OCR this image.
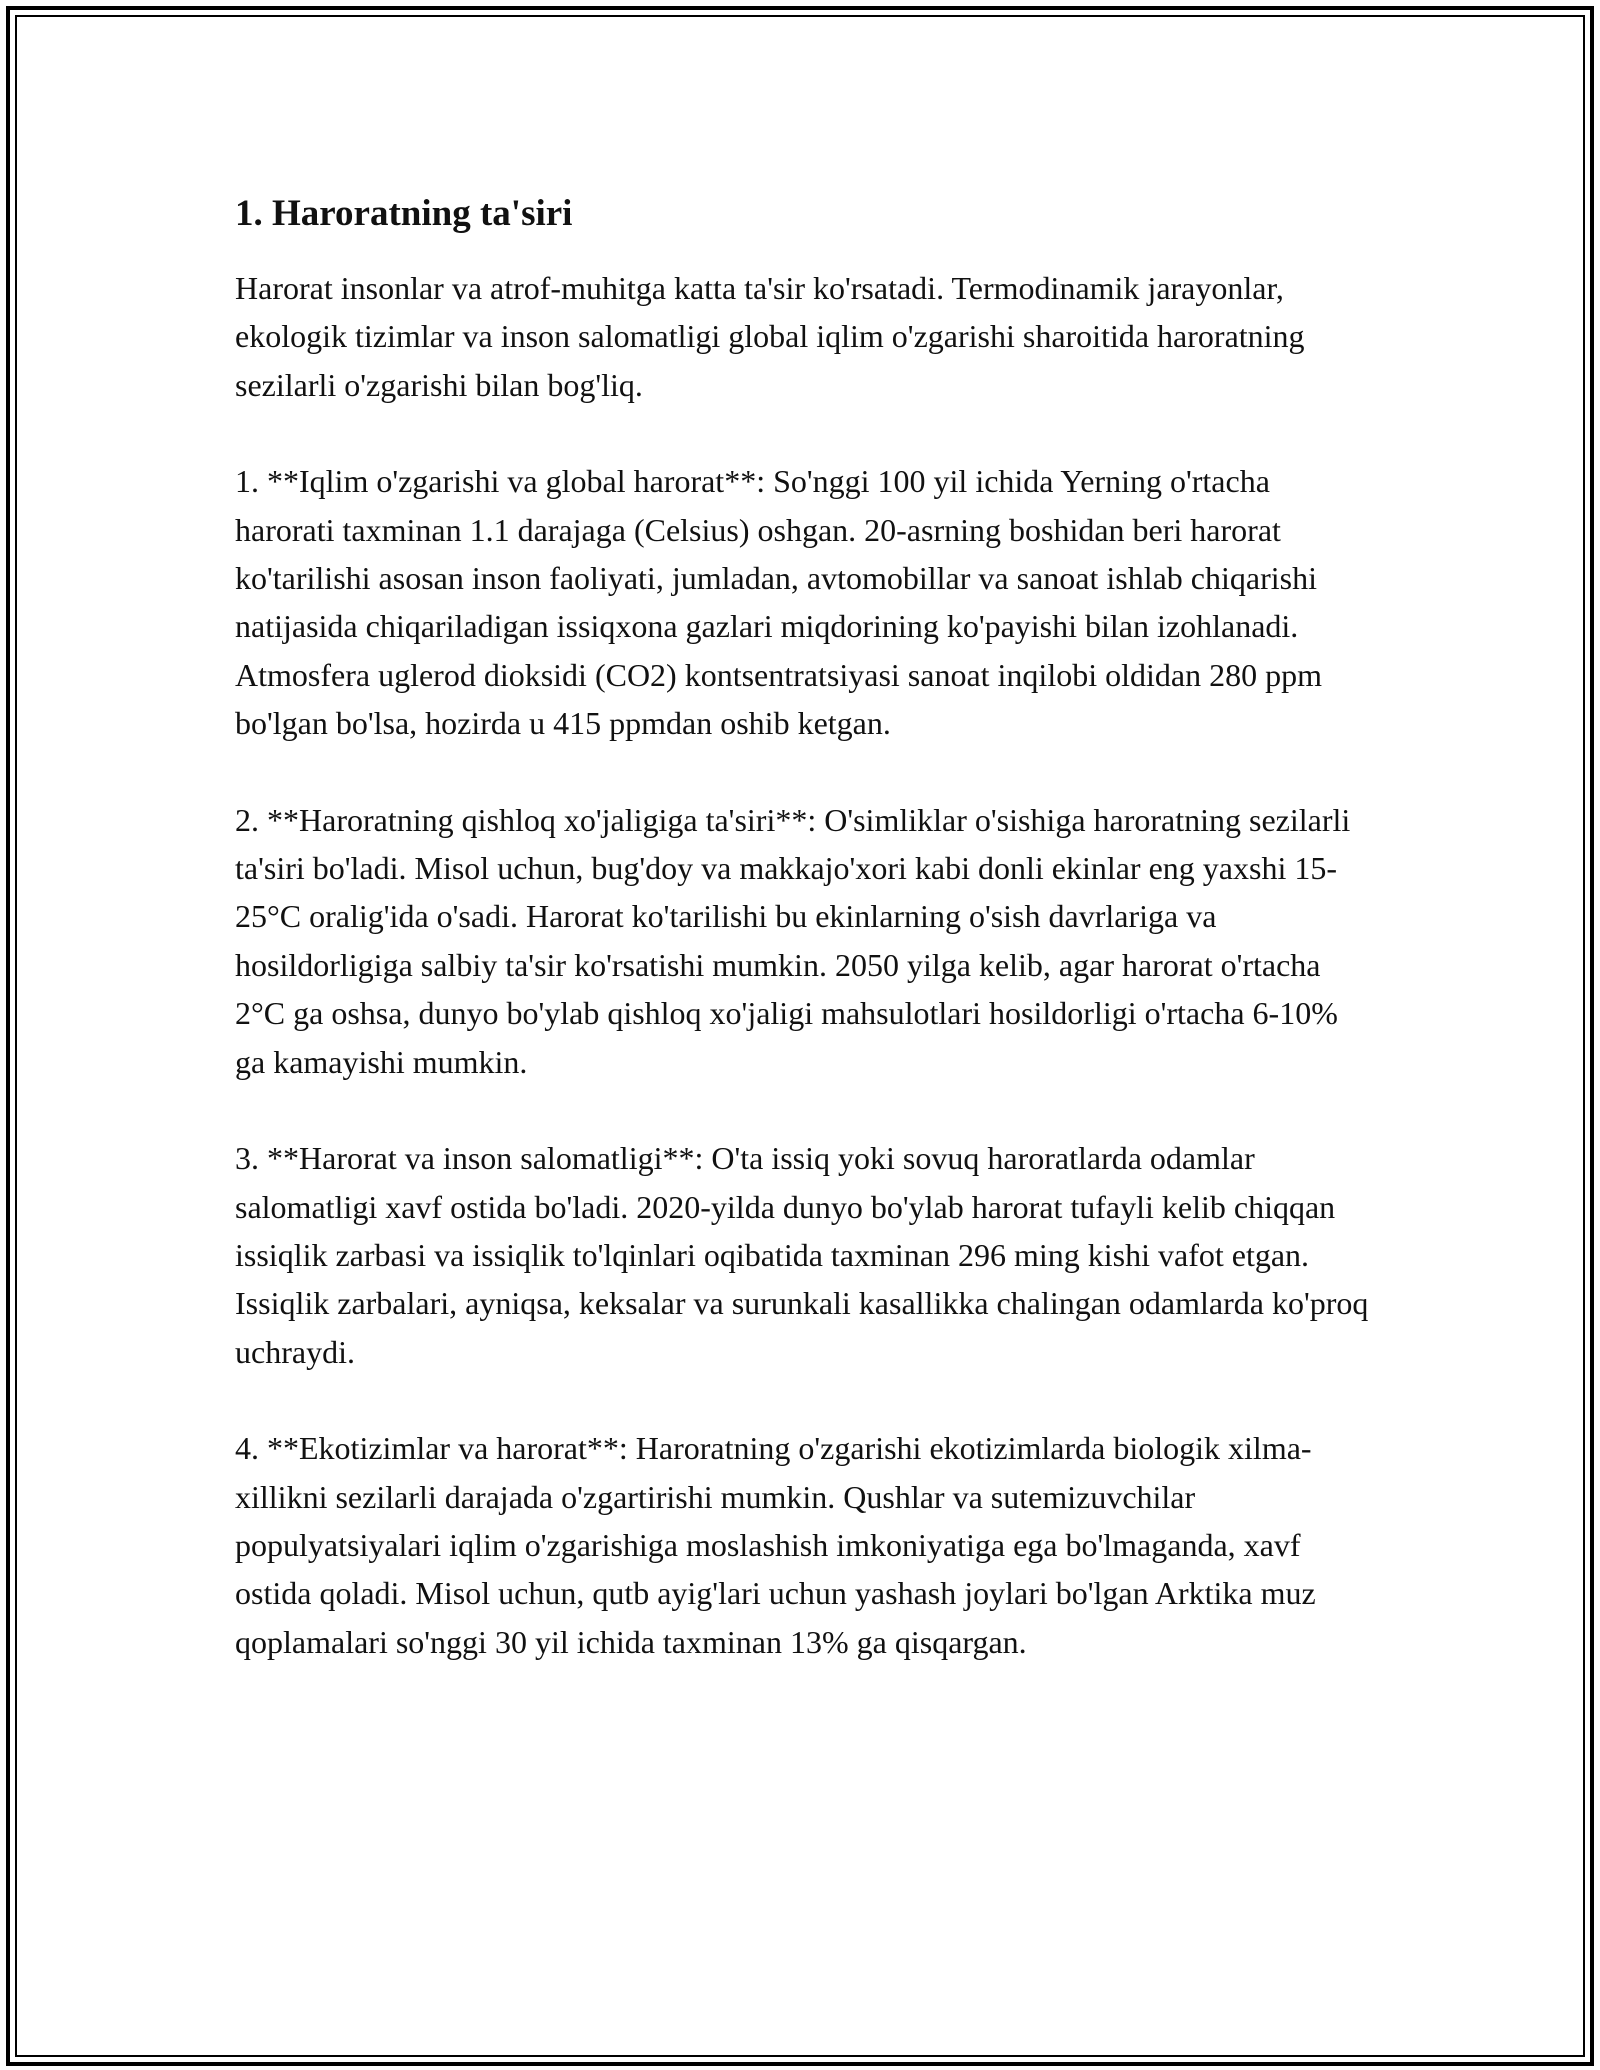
1. Haroratning ta'siri

Harorat insonlar va atrof-muhitga katta ta'sir ko'rsatadi. Termodinamik jarayonlar, ekologik tizimlar va inson salomatligi global iqlim o'zgarishi sharoitida haroratning sezilarli o'zgarishi bilan bog'liq.

1. **Iqlim o'zgarishi va global harorat**: So'nggi 100 yil ichida Yerning o'rtacha harorati taxminan 1.1 darajaga (Celsius) oshgan. 20-asrning boshidan beri harorat ko'tarilishi asosan inson faoliyati, jumladan, avtomobillar va sanoat ishlab chiqarishi natijasida chiqariladigan issiqxona gazlari miqdorining ko'payishi bilan izohlanadi. Atmosfera uglerod dioksidi (CO2) kontsentratsiyasi sanoat inqilobi oldidan 280 ppm bo'lgan bo'lsa, hozirda u 415 ppmdan oshib ketgan.

2. **Haroratning qishloq xo'jaligiga ta'siri**: O'simliklar o'sishiga haroratning sezilarli ta'siri bo'ladi. Misol uchun, bug'doy va makkajo'xori kabi donli ekinlar eng yaxshi 15-25°C oralig'ida o'sadi. Harorat ko'tarilishi bu ekinlarning o'sish davrlariga va hosildorligiga salbiy ta'sir ko'rsatishi mumkin. 2050 yilga kelib, agar harorat o'rtacha 2°C ga oshsa, dunyo bo'ylab qishloq xo'jaligi mahsulotlari hosildorligi o'rtacha 6-10% ga kamayishi mumkin.

3. **Harorat va inson salomatligi**: O'ta issiq yoki sovuq haroratlarda odamlar salomatligi xavf ostida bo'ladi. 2020-yilda dunyo bo'ylab harorat tufayli kelib chiqqan issiqlik zarbasi va issiqlik to'lqinlari oqibatida taxminan 296 ming kishi vafot etgan. Issiqlik zarbalari, ayniqsa, keksalar va surunkali kasallikka chalingan odamlarda ko'proq uchraydi.

4. **Ekotizimlar va harorat**: Haroratning o'zgarishi ekotizimlarda biologik xilma-xillikni sezilarli darajada o'zgartirishi mumkin. Qushlar va sutemizuvchilar populyatsiyalari iqlim o'zgarishiga moslashish imkoniyatiga ega bo'lmaganda, xavf ostida qoladi. Misol uchun, qutb ayig'lari uchun yashash joylari bo'lgan Arktika muz qoplamalari so'nggi 30 yil ichida taxminan 13% ga qisqargan.
